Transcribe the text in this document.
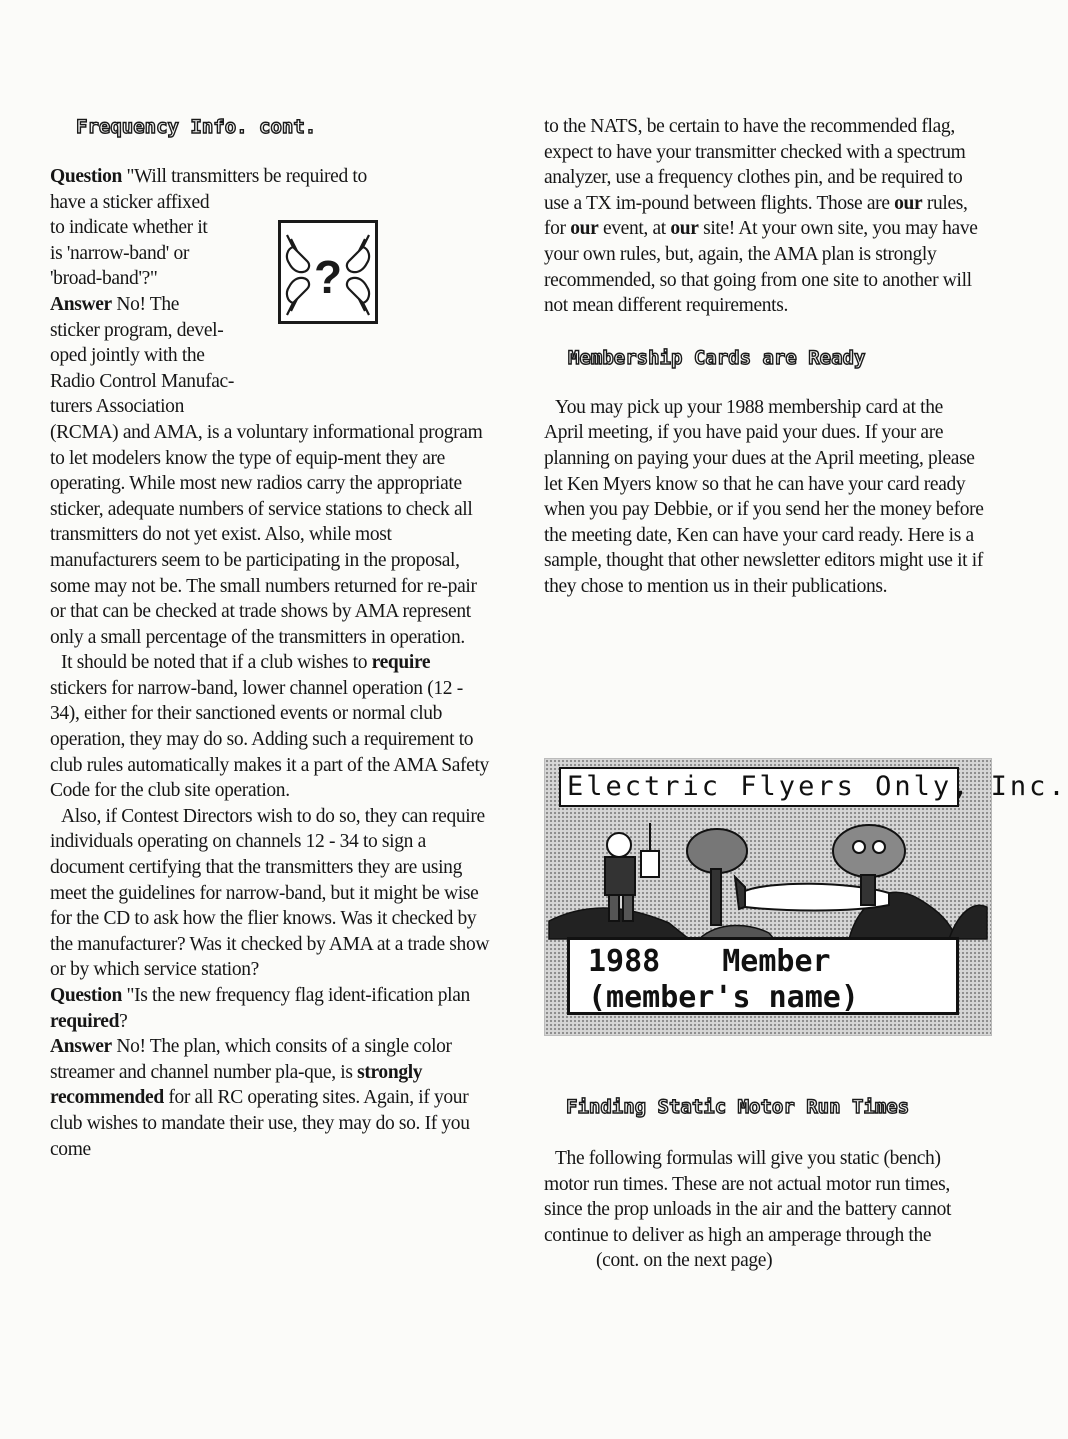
Frequency Info. cont.

Question "Will transmitters be required to

have a sticker affixed

to indicate whether it

is 'narrow-band' or

'broad-band'?"

Answer No! The

sticker program, devel-

oped jointly with the

Radio Control Manufac-

turers Association

(RCMA) and AMA, is a voluntary informational program to let modelers know the type of equip-ment they are operating. While most new radios carry the appropriate sticker, adequate numbers of service stations to check all transmitters do not yet exist. Also, while most manufacturers seem to be participating in the proposal, some may not be. The small numbers returned for re-pair or that can be checked at trade shows by AMA represent only a small percentage of the transmitters in operation.

It should be noted that if a club wishes to require stickers for narrow-band, lower channel operation (12 - 34), either for their sanctioned events or normal club operation, they may do so. Adding such a requirement to club rules automatically makes it a part of the AMA Safety Code for the club site operation.

Also, if Contest Directors wish to do so, they can require individuals operating on channels 12 - 34 to sign a document certifying that the transmitters they are using meet the guidelines for narrow-band, but it might be wise for the CD to ask how the flier knows. Was it checked by the manufacturer? Was it checked by AMA at a trade show or by which service station?

Question "Is the new frequency flag ident-ification plan required?

Answer No! The plan, which consits of a single color streamer and channel number pla-que, is strongly recommended for all RC operating sites. Again, if your club wishes to mandate their use, they may do so. If you come

?

to the NATS, be certain to have the recommended flag, expect to have your transmitter checked with a spectrum analyzer, use a frequency clothes pin, and be required to use a TX im-pound between flights. Those are our rules, for our event, at our site! At your own site, you may have your own rules, but, again, the AMA plan is strongly recommended, so that going from one site to another will not mean different requirements.

Membership Cards are Ready

You may pick up your 1988 membership card at the April meeting, if you have paid your dues. If your are planning on paying your dues at the April meeting, please let Ken Myers know so that he can have your card ready when you pay Debbie, or if you send her the money before the meeting date, Ken can have your card ready. Here is a sample, thought that other newsletter editors might use it if they chose to mention us in their publications.

Electric Flyers Only, Inc.
1988 Member
(member's name)
Finding Static Motor Run Times

The following formulas will give you static (bench) motor run times. These are not actual motor run times, since the prop unloads in the air and the battery cannot continue to deliver as high an amperage through the

(cont. on the next page)
